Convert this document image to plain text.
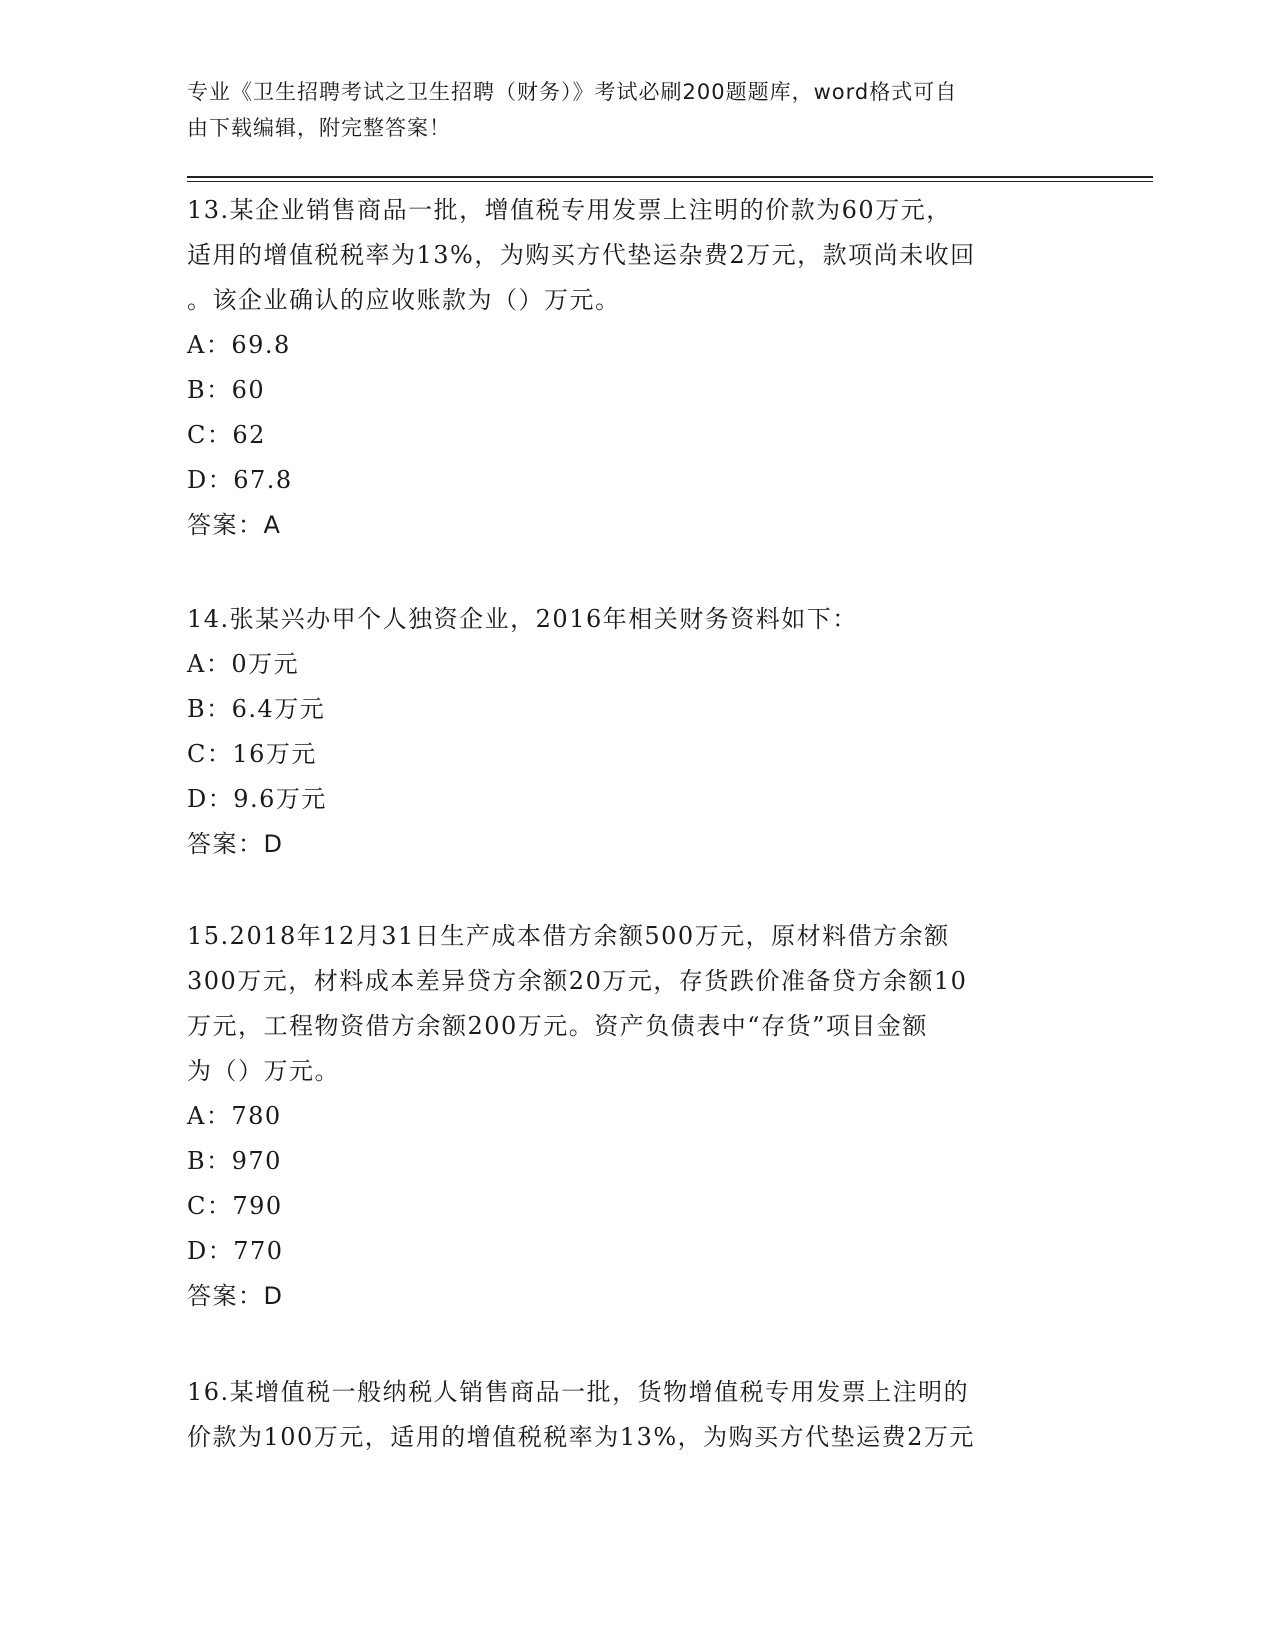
专业《卫生招聘考试之卫生招聘（财务）》考试必刷200题题库，word格式可自
由下载编辑，附完整答案！
13.某企业销售商品一批，增值税专用发票上注明的价款为60万元，
适用的增值税税率为13%，为购买方代垫运杂费2万元，款项尚未收回
。该企业确认的应收账款为（）万元。
A：69.8
B：60
C：62
D：67.8
答案：A
14.张某兴办甲个人独资企业，2016年相关财务资料如下：
A：0万元
B：6.4万元
C：16万元
D：9.6万元
答案：D
15.2018年12月31日生产成本借方余额500万元，原材料借方余额
300万元，材料成本差异贷方余额20万元，存货跌价准备贷方余额10
万元，工程物资借方余额200万元。资产负债表中“存货”项目金额
为（）万元。
A：780
B：970
C：790
D：770
答案：D
16.某增值税一般纳税人销售商品一批，货物增值税专用发票上注明的
价款为100万元，适用的增值税税率为13%，为购买方代垫运费2万元
